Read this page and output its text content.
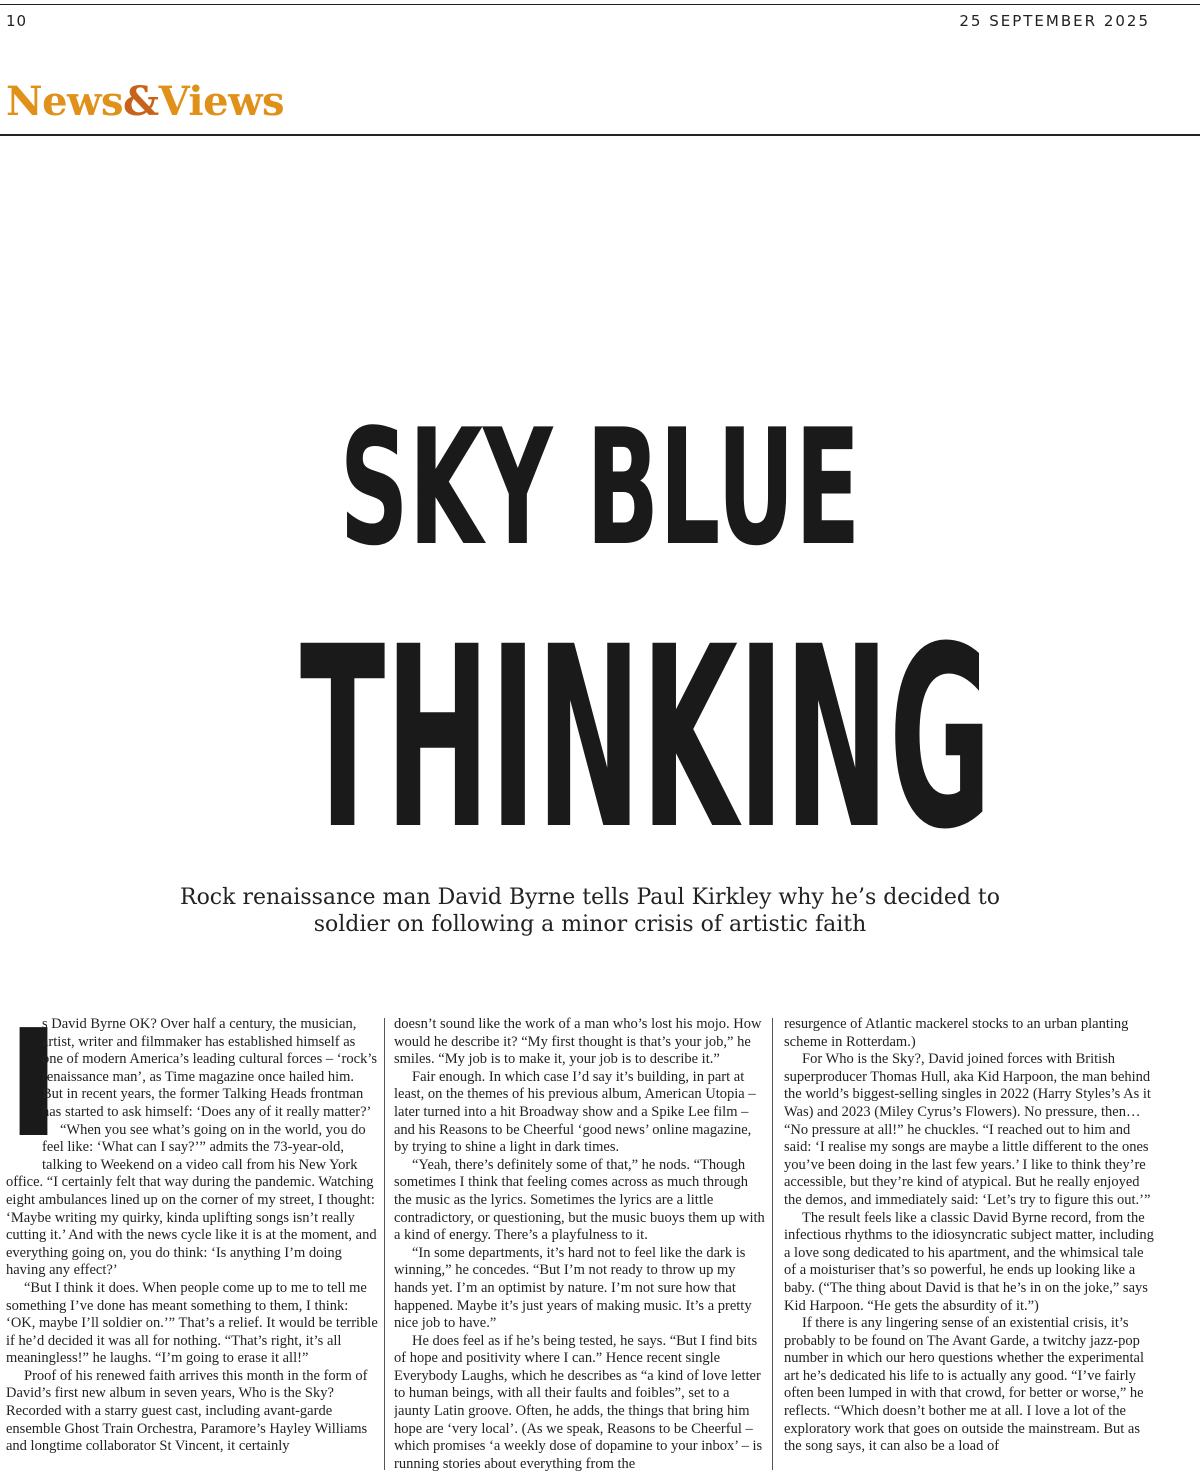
10	25 SEPTEMBER 2025
News&Views
SKY BLUE
THINKING
Rock renaissance man David Byrne tells Paul Kirkley why he’s decided to soldier on following a minor crisis of artistic faith
I

s David Byrne OK? Over half a century, the musician, artist, writer and filmmaker has established himself as one of modern America’s leading cultural forces – ‘rock’s renaissance man’, as Time magazine once hailed him. But in recent years, the former Talking Heads frontman has started to ask himself: ‘Does any of it really matter?’

“When you see what’s going on in the world, you do feel like: ‘What can I say?’” admits the 73-year-old, talking to Weekend on a video call from his New York office. “I certainly felt that way during the pandemic. Watching eight ambulances lined up on the corner of my street, I thought: ‘Maybe writing my quirky, kinda uplifting songs isn’t really cutting it.’ And with the news cycle like it is at the moment, and everything going on, you do think: ‘Is anything I’m doing having any effect?’

“But I think it does. When people come up to me to tell me something I’ve done has meant something to them, I think: ‘OK, maybe I’ll soldier on.’” That’s a relief. It would be terrible if he’d decided it was all for nothing. “That’s right, it’s all meaningless!” he laughs. “I’m going to erase it all!”

Proof of his renewed faith arrives this month in the form of David’s first new album in seven years, Who is the Sky? Recorded with a starry guest cast, including avant-garde ensemble Ghost Train Orchestra, Paramore’s Hayley Williams and longtime collaborator St Vincent, it certainly

doesn’t sound like the work of a man who’s lost his mojo. How would he describe it? “My first thought is that’s your job,” he smiles. “My job is to make it, your job is to describe it.”

Fair enough. In which case I’d say it’s building, in part at least, on the themes of his previous album, American Utopia – later turned into a hit Broadway show and a Spike Lee film – and his Reasons to be Cheerful ‘good news’ online magazine, by trying to shine a light in dark times.

“Yeah, there’s definitely some of that,” he nods. “Though sometimes I think that feeling comes across as much through the music as the lyrics. Sometimes the lyrics are a little contradictory, or questioning, but the music buoys them up with a kind of energy. There’s a playfulness to it.

“In some departments, it’s hard not to feel like the dark is winning,” he concedes. “But I’m not ready to throw up my hands yet. I’m an optimist by nature. I’m not sure how that happened. Maybe it’s just years of making music. It’s a pretty nice job to have.”

He does feel as if he’s being tested, he says. “But I find bits of hope and positivity where I can.” Hence recent single Everybody Laughs, which he describes as “a kind of love letter to human beings, with all their faults and foibles”, set to a jaunty Latin groove. Often, he adds, the things that bring him hope are ‘very local’. (As we speak, Reasons to be Cheerful – which promises ‘a weekly dose of dopamine to your inbox’ – is running stories about everything from the

resurgence of Atlantic mackerel stocks to an urban planting scheme in Rotterdam.)

For Who is the Sky?, David joined forces with British superproducer Thomas Hull, aka Kid Harpoon, the man behind the world’s biggest-selling singles in 2022 (Harry Styles’s As it Was) and 2023 (Miley Cyrus’s Flowers). No pressure, then… “No pressure at all!” he chuckles. “I reached out to him and said: ‘I realise my songs are maybe a little different to the ones you’ve been doing in the last few years.’ I like to think they’re accessible, but they’re kind of atypical. But he really enjoyed the demos, and immediately said: ‘Let’s try to figure this out.’”

The result feels like a classic David Byrne record, from the infectious rhythms to the idiosyncratic subject matter, including a love song dedicated to his apartment, and the whimsical tale of a moisturiser that’s so powerful, he ends up looking like a baby. (“The thing about David is that he’s in on the joke,” says Kid Harpoon. “He gets the absurdity of it.”)

If there is any lingering sense of an existential crisis, it’s probably to be found on The Avant Garde, a twitchy jazz-pop number in which our hero questions whether the experimental art he’s dedicated his life to is actually any good. “I’ve fairly often been lumped in with that crowd, for better or worse,” he reflects. “Which doesn’t bother me at all. I love a lot of the exploratory work that goes on outside the mainstream. But as the song says, it can also be a load of
